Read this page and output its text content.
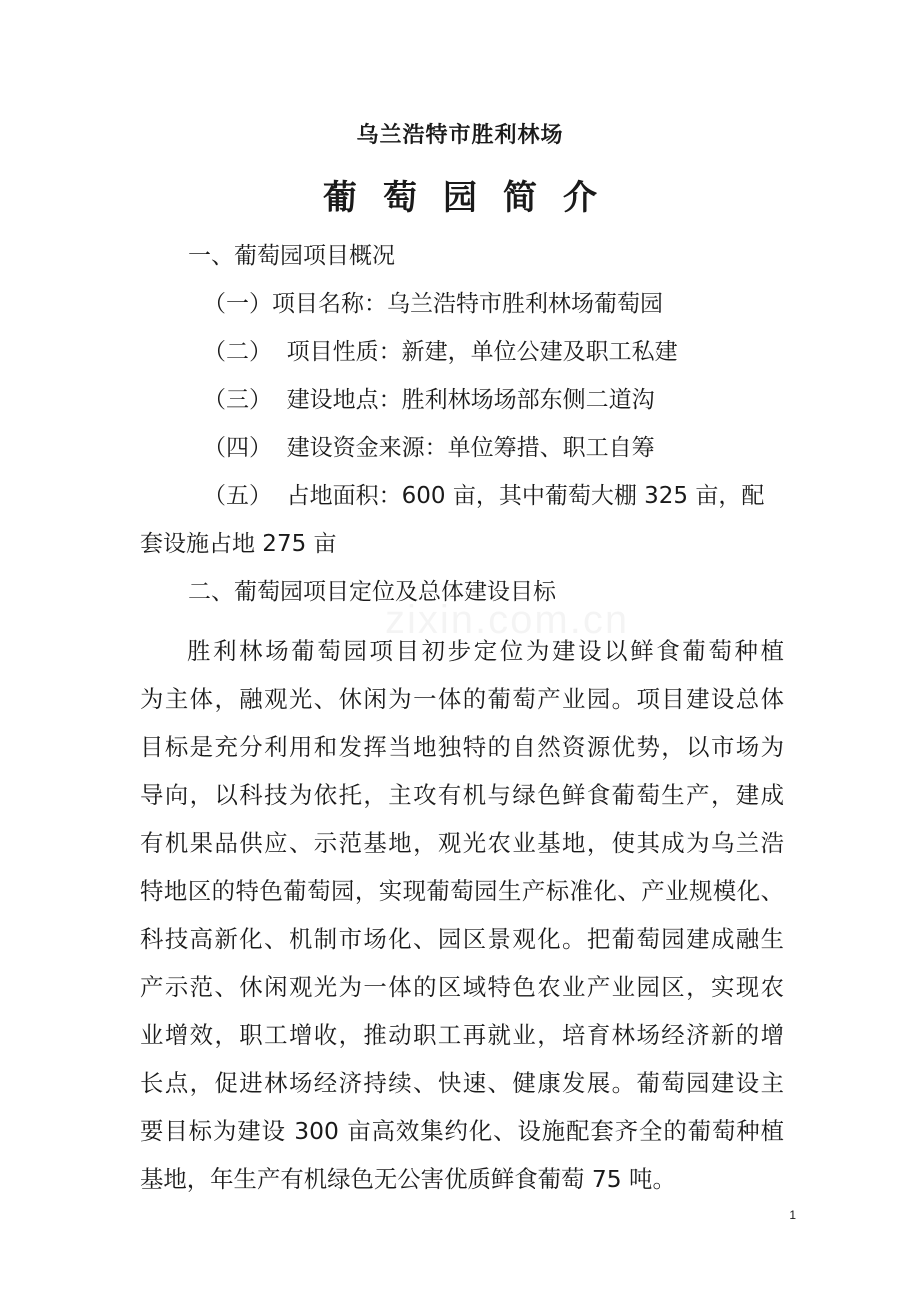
乌兰浩特市胜利林场
葡 萄 园 简 介
一、葡萄园项目概况
（一）项目名称：乌兰浩特市胜利林场葡萄园
（二）  项目性质：新建，单位公建及职工私建
（三）  建设地点：胜利林场场部东侧二道沟
（四）  建设资金来源：单位筹措、职工自筹
（五）  占地面积：600 亩，其中葡萄大棚 325 亩，配
套设施占地 275 亩
二、葡萄园项目定位及总体建设目标
胜利林场葡萄园项目初步定位为建设以鲜食葡萄种植
为主体，融观光、休闲为一体的葡萄产业园。项目建设总体
目标是充分利用和发挥当地独特的自然资源优势，以市场为
导向，以科技为依托，主攻有机与绿色鲜食葡萄生产，建成
有机果品供应、示范基地，观光农业基地，使其成为乌兰浩
特地区的特色葡萄园，实现葡萄园生产标准化、产业规模化、
科技高新化、机制市场化、园区景观化。把葡萄园建成融生
产示范、休闲观光为一体的区域特色农业产业园区，实现农
业增效，职工增收，推动职工再就业，培育林场经济新的增
长点，促进林场经济持续、快速、健康发展。葡萄园建设主
要目标为建设 300 亩高效集约化、设施配套齐全的葡萄种植
基地，年生产有机绿色无公害优质鲜食葡萄 75 吨。
1
